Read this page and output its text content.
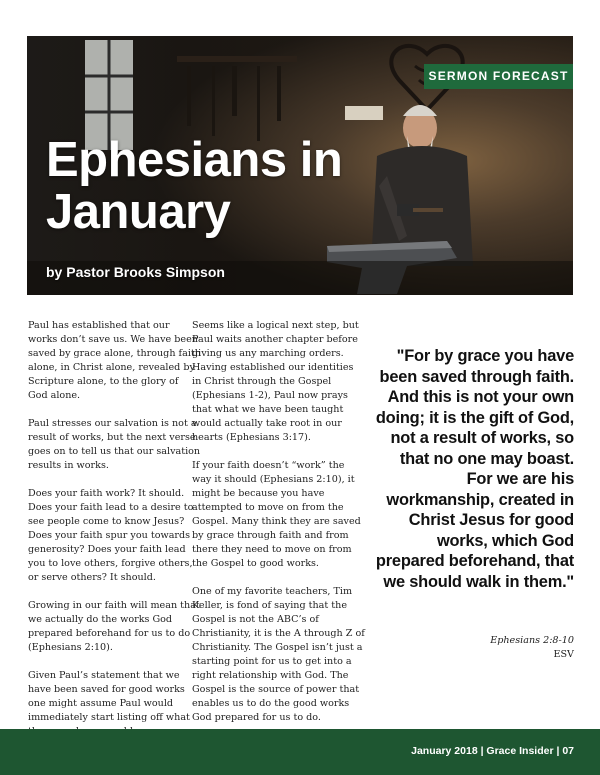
SERMON FORECAST
Ephesians in January

by Pastor Brooks Simpson

Paul has established that our works don’t save us. We have been saved by grace alone, through faith alone, in Christ alone, revealed by Scripture alone, to the glory of God alone.

Paul stresses our salvation is not a result of works, but the next verse goes on to tell us that our salvation results in works.

Does your faith work? It should. Does your faith lead to a desire to see people come to know Jesus? Does your faith spur you towards generosity? Does your faith lead you to love others, forgive others, or serve others? It should.

Growing in our faith will mean that we actually do the works God prepared beforehand for us to do (Ephesians 2:10).

Given Paul’s statement that we have been saved for good works one might assume Paul would immediately start listing off what

Seems like a logical next step, but Paul waits another chapter before giving us any marching orders. Having established our identities in Christ through the Gospel (Ephesians 1-2), Paul now prays that what we have been taught would actually take root in our hearts (Ephesians 3:17).

If your faith doesn’t “work” the way it should (Ephesians 2:10), it might be because you have attempted to move on from the Gospel. Many think they are saved by grace through faith and from there they need to move on from the Gospel to good works.

One of my favorite teachers, Tim Keller, is fond of saying that the Gospel is not the ABC’s of Christianity, it is the A through Z of Christianity. The Gospel isn’t just a starting point for us to get into a right relationship with God. The Gospel is the source of power that enables us to do the good works God prepared for us to do.

"For by grace you have been saved through faith. And this is not your own doing; it is the gift of God, not a result of works, so that no one may boast. For we are his workmanship, created in Christ Jesus for good works, which God prepared beforehand, that we should walk in them."

Ephesians 2:8-10
ESV
January 2018 | Grace Insider | 07
